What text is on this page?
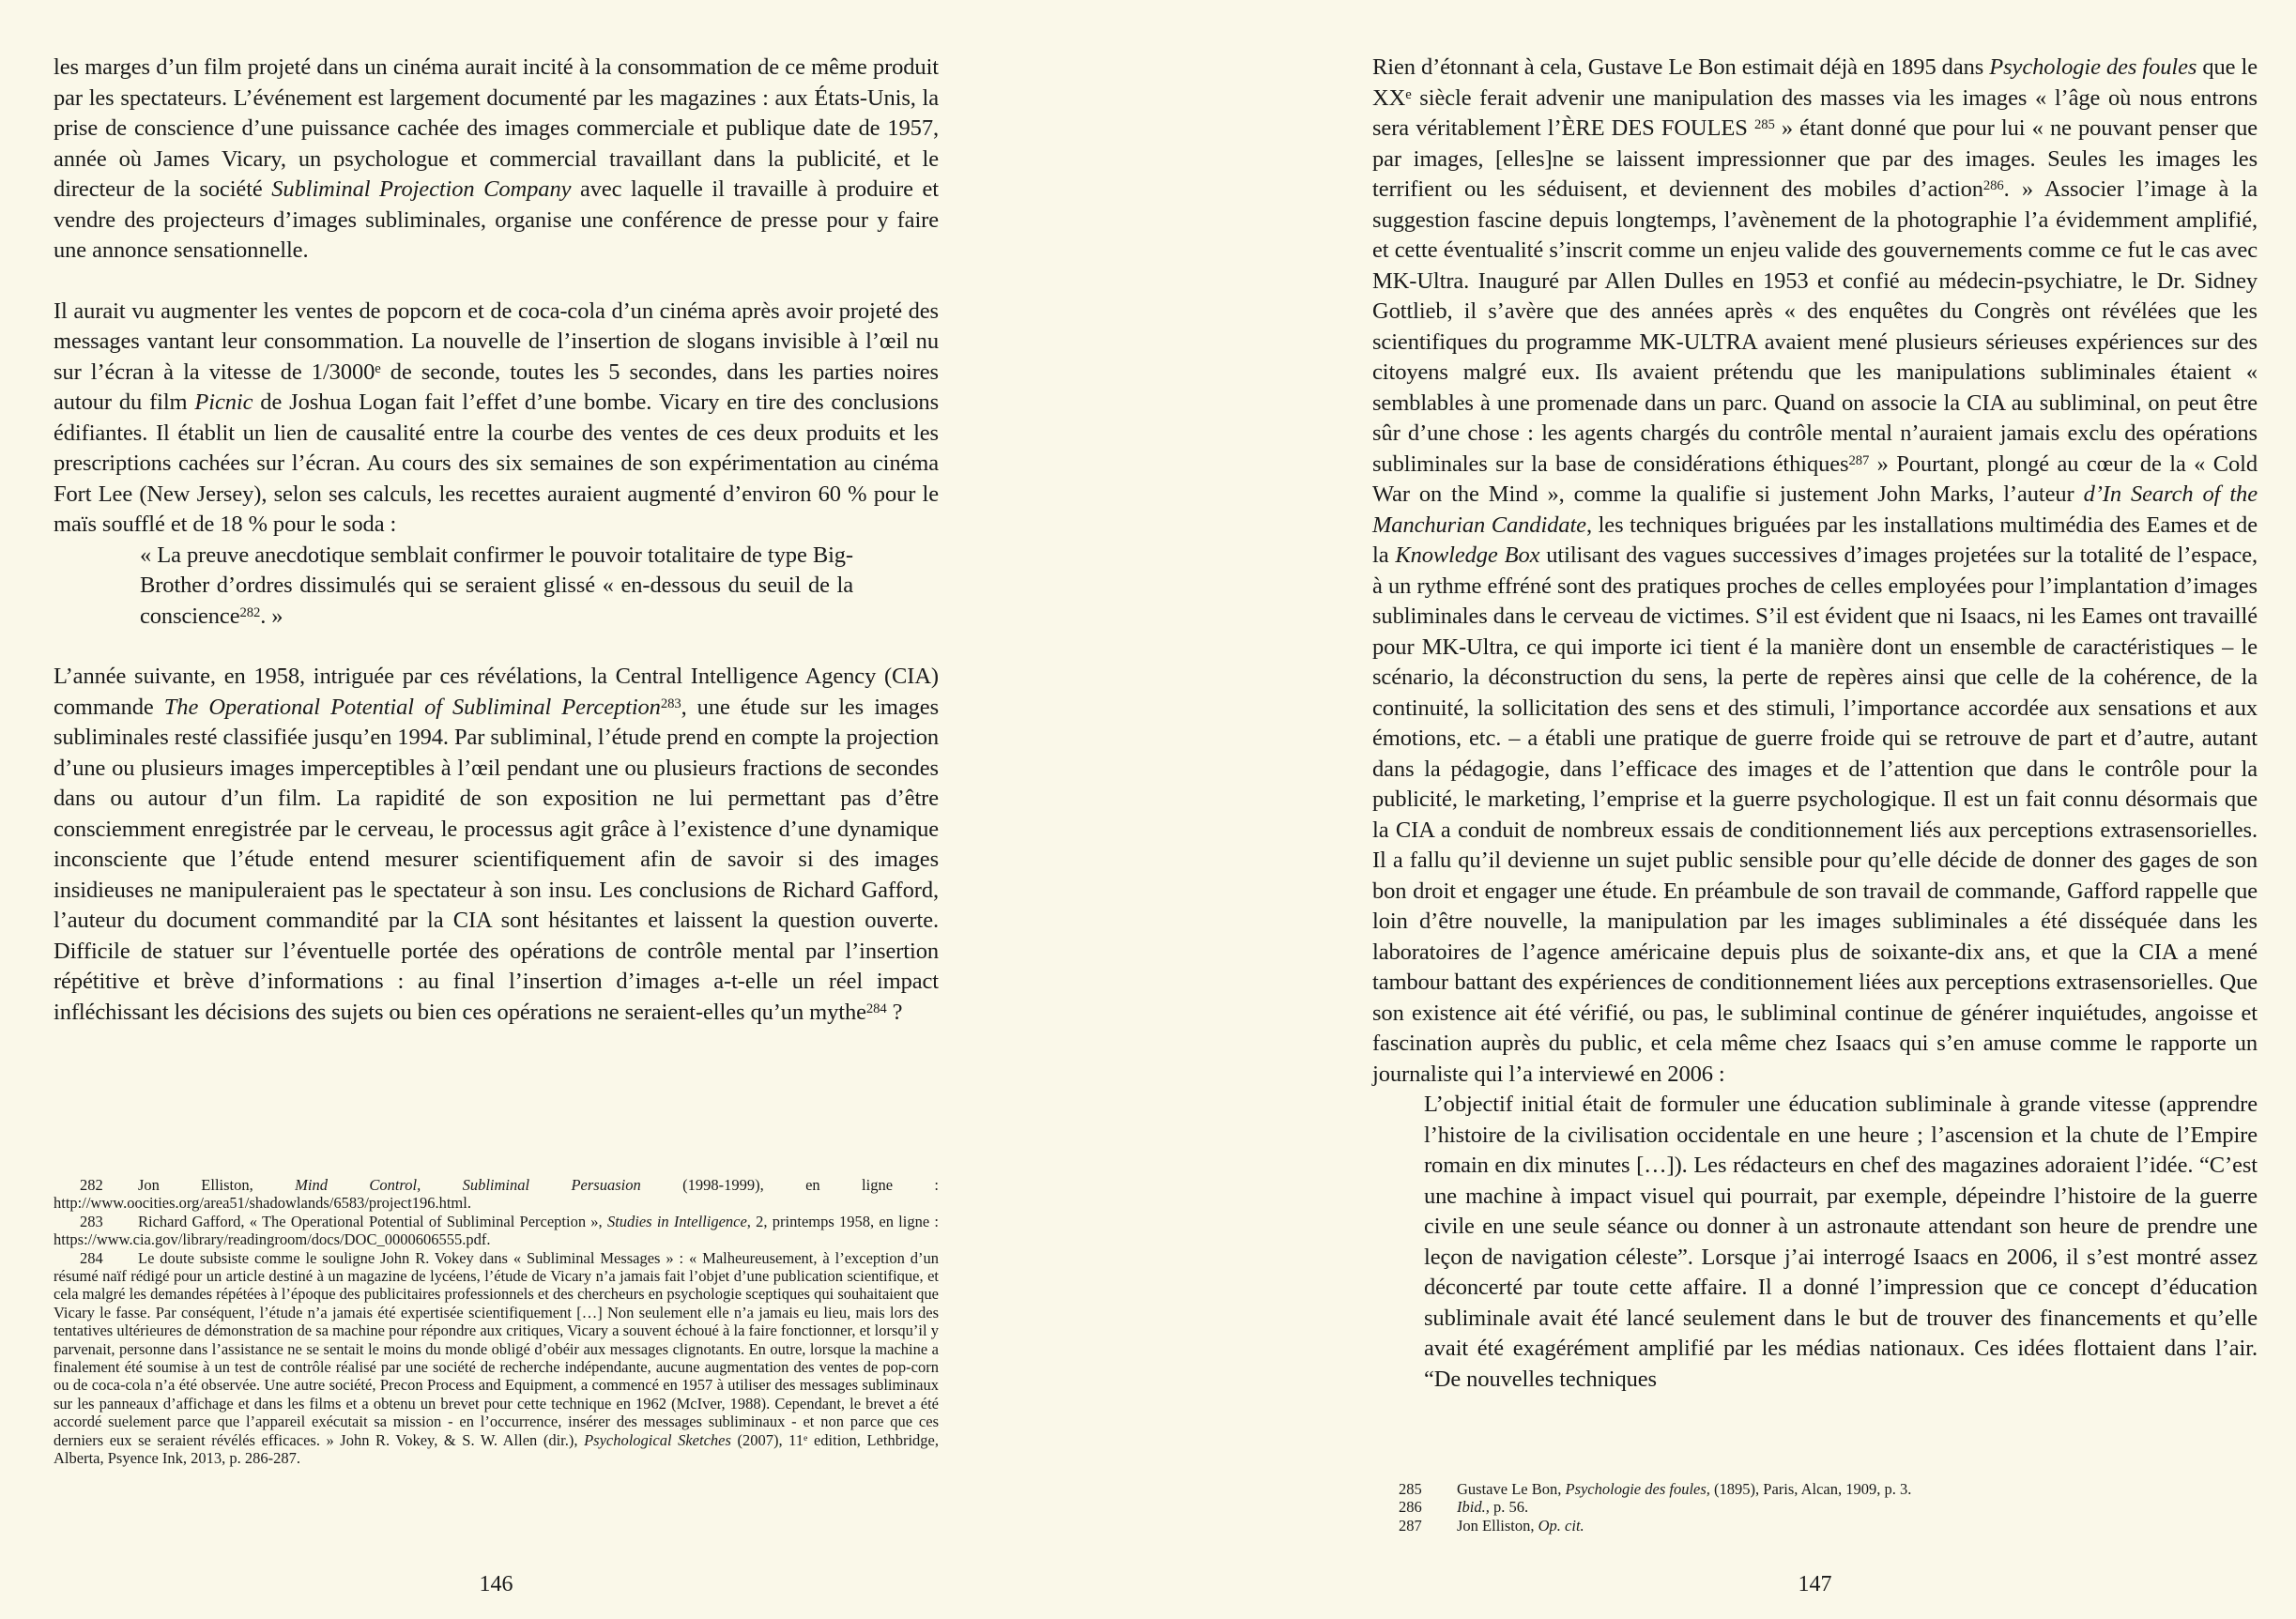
les marges d’un film projeté dans un cinéma aurait incité à la consommation de ce même produit par les spectateurs. L’événement est largement documenté par les magazines : aux États-Unis, la prise de conscience d’une puissance cachée des images commerciale et publique date de 1957, année où James Vicary, un psychologue et commercial travaillant dans la publicité, et le directeur de la société Subliminal Projection Company avec laquelle il travaille à produire et vendre des projecteurs d’images subliminales, organise une conférence de presse pour y faire une annonce sensationnelle.

Il aurait vu augmenter les ventes de popcorn et de coca-cola d’un cinéma après avoir projeté des messages vantant leur consommation. La nouvelle de l’insertion de slogans invisible à l’œil nu sur l’écran à la vitesse de 1/3000e de seconde, toutes les 5 secondes, dans les parties noires autour du film Picnic de Joshua Logan fait l’effet d’une bombe. Vicary en tire des conclusions édifiantes. Il établit un lien de causalité entre la courbe des ventes de ces deux produits et les prescriptions cachées sur l’écran. Au cours des six semaines de son expérimentation au cinéma Fort Lee (New Jersey), selon ses calculs, les recettes auraient augmenté d’environ 60 % pour le maïs soufflé et de 18 % pour le soda :

« La preuve anecdotique semblait confirmer le pouvoir totalitaire de type Big-Brother d’ordres dissimulés qui se seraient glissé « en-dessous du seuil de la conscience$^{282}$. »

L’année suivante, en 1958, intriguée par ces révélations, la Central Intelligence Agency (CIA) commande The Operational Potential of Subliminal Perception$^{283}$, une étude sur les images subliminales resté classifiée jusqu’en 1994. Par subliminal, l’étude prend en compte la projection d’une ou plusieurs images imperceptibles à l’œil pendant une ou plusieurs fractions de secondes dans ou autour d’un film. La rapidité de son exposition ne lui permettant pas d’être consciemment enregistrée par le cerveau, le processus agit grâce à l’existence d’une dynamique inconsciente que l’étude entend mesurer scientifiquement afin de savoir si des images insidieuses ne manipuleraient pas le spectateur à son insu. Les conclusions de Richard Gafford, l’auteur du document commandité par la CIA sont hésitantes et laissent la question ouverte. Difficile de statuer sur l’éventuelle portée des opérations de contrôle mental par l’insertion répétitive et brève d’informations : au final l’insertion d’images a-t-elle un réel impact infléchissant les décisions des sujets ou bien ces opérations ne seraient-elles qu’un mythe$^{284}$ ?

282 Jon Elliston, Mind Control, Subliminal Persuasion (1998-1999), en ligne : http://www.oocities.org/area51/shadowlands/6583/project196.html.

283 Richard Gafford, « The Operational Potential of Subliminal Perception », Studies in Intelligence, 2, printemps 1958, en ligne : https://www.cia.gov/library/readingroom/docs/DOC_0000606555.pdf.

284 Le doute subsiste comme le souligne John R. Vokey dans « Subliminal Messages » : « Malheureusement, à l’exception d’un résumé naïf rédigé pour un article destiné à un magazine de lycéens, l’étude de Vicary n’a jamais fait l’objet d’une publication scientifique, et cela malgré les demandes répétées à l’époque des publicitaires professionnels et des chercheurs en psychologie sceptiques qui souhaitaient que Vicary le fasse. Par conséquent, l’étude n’a jamais été expertisée scientifiquement […] Non seulement elle n’a jamais eu lieu, mais lors des tentatives ultérieures de démonstration de sa machine pour répondre aux critiques, Vicary a souvent échoué à la faire fonctionner, et lorsqu’il y parvenait, personne dans l’assistance ne se sentait le moins du monde obligé d’obéir aux messages clignotants. En outre, lorsque la machine a finalement été soumise à un test de contrôle réalisé par une société de recherche indépendante, aucune augmentation des ventes de pop-corn ou de coca-cola n’a été observée. Une autre société, Precon Process and Equipment, a commencé en 1957 à utiliser des messages subliminaux sur les panneaux d’affichage et dans les films et a obtenu un brevet pour cette technique en 1962 (McIver, 1988). Cependant, le brevet a été accordé suelement parce que l’appareil exécutait sa mission - en l’occurrence, insérer des messages subliminaux - et non parce que ces derniers eux se seraient révélés efficaces. » John R. Vokey, & S. W. Allen (dir.), Psychological Sketches (2007), 11e edition, Lethbridge, Alberta, Psyence Ink, 2013, p. 286-287.

146

Rien d’étonnant à cela, Gustave Le Bon estimait déjà en 1895 dans Psychologie des foules que le XXe siècle ferait advenir une manipulation des masses via les images « l’âge où nous entrons sera véritablement l’ÈRE DES FOULES $^{285}$ » étant donné que pour lui « ne pouvant penser que par images, [elles]ne se laissent impressionner que par des images. Seules les images les terrifient ou les séduisent, et deviennent des mobiles d’action$^{286}$. » Associer l’image à la suggestion fascine depuis longtemps, l’avènement de la photographie l’a évidemment amplifié, et cette éventualité s’inscrit comme un enjeu valide des gouvernements comme ce fut le cas avec MK-Ultra. Inauguré par Allen Dulles en 1953 et confié au médecin-psychiatre, le Dr. Sidney Gottlieb, il s’avère que des années après « des enquêtes du Congrès ont révélées que les scientifiques du programme MK-ULTRA avaient mené plusieurs sérieuses expériences sur des citoyens malgré eux. Ils avaient prétendu que les manipulations subliminales étaient « semblables à une promenade dans un parc. Quand on associe la CIA au subliminal, on peut être sûr d’une chose : les agents chargés du contrôle mental n’auraient jamais exclu des opérations subliminales sur la base de considérations éthiques$^{287}$ » Pourtant, plongé au cœur de la « Cold War on the Mind », comme la qualifie si justement John Marks, l’auteur d’In Search of the Manchurian Candidate, les techniques briguées par les installations multimédia des Eames et de la Knowledge Box utilisant des vagues successives d’images projetées sur la totalité de l’espace, à un rythme effréné sont des pratiques proches de celles employées pour l’implantation d’images subliminales dans le cerveau de victimes. S’il est évident que ni Isaacs, ni les Eames ont travaillé pour MK-Ultra, ce qui importe ici tient é la manière dont un ensemble de caractéristiques – le scénario, la déconstruction du sens, la perte de repères ainsi que celle de la cohérence, de la continuité, la sollicitation des sens et des stimuli, l’importance accordée aux sensations et aux émotions, etc. – a établi une pratique de guerre froide qui se retrouve de part et d’autre, autant dans la pédagogie, dans l’efficace des images et de l’attention que dans le contrôle pour la publicité, le marketing, l’emprise et la guerre psychologique. Il est un fait connu désormais que la CIA a conduit de nombreux essais de conditionnement liés aux perceptions extrasensorielles. Il a fallu qu’il devienne un sujet public sensible pour qu’elle décide de donner des gages de son bon droit et engager une étude. En préambule de son travail de commande, Gafford rappelle que loin d’être nouvelle, la manipulation par les images subliminales a été disséquée dans les laboratoires de l’agence américaine depuis plus de soixante-dix ans, et que la CIA a mené tambour battant des expériences de conditionnement liées aux perceptions extrasensorielles. Que son existence ait été vérifié, ou pas, le subliminal continue de générer inquiétudes, angoisse et fascination auprès du public, et cela même chez Isaacs qui s’en amuse comme le rapporte un journaliste qui l’a interviewé en 2006 :

L’objectif initial était de formuler une éducation subliminale à grande vitesse (apprendre l’histoire de la civilisation occidentale en une heure ; l’ascension et la chute de l’Empire romain en dix minutes […]). Les rédacteurs en chef des magazines adoraient l’idée. “C’est une machine à impact visuel qui pourrait, par exemple, dépeindre l’histoire de la guerre civile en une seule séance ou donner à un astronaute attendant son heure de prendre une leçon de navigation céleste”. Lorsque j’ai interrogé Isaacs en 2006, il s’est montré assez déconcerté par toute cette affaire. Il a donné l’impression que ce concept d’éducation subliminale avait été lancé seulement dans le but de trouver des financements et qu’elle avait été exagérément amplifié par les médias nationaux. Ces idées flottaient dans l’air. “De nouvelles techniques

285 Gustave Le Bon, Psychologie des foules, (1895), Paris, Alcan, 1909, p. 3.

286 Ibid., p. 56.

287 Jon Elliston, Op. cit.

147
